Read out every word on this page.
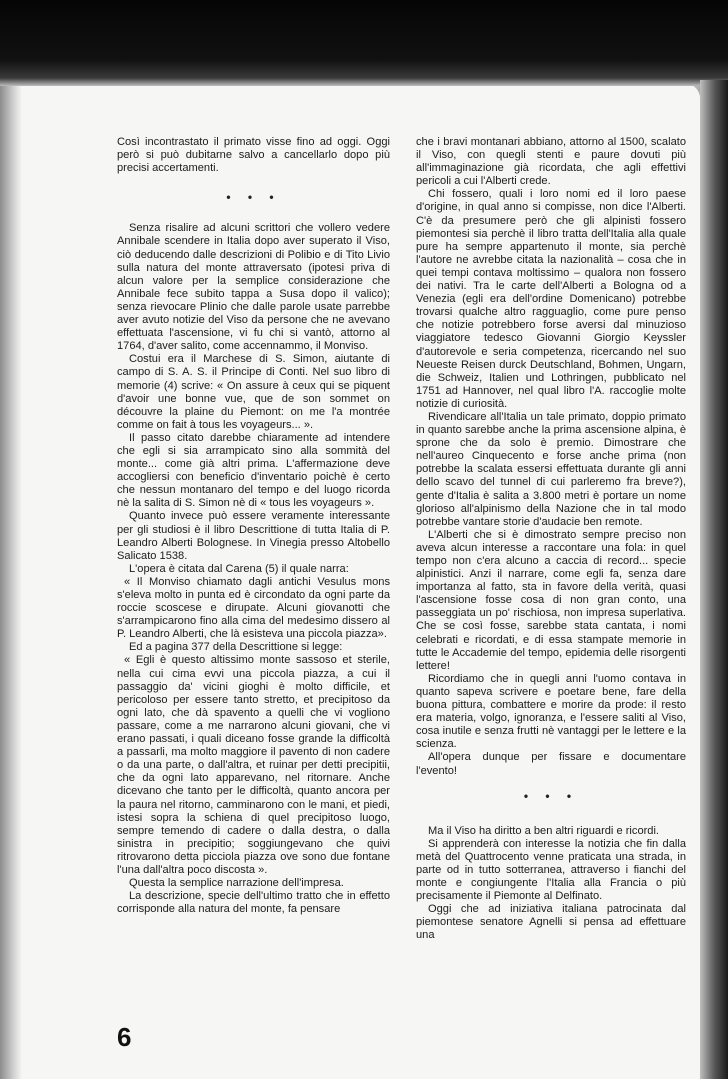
Così incontrastato il primato visse fino ad oggi. Oggi però si può dubitarne salvo a cancellarlo dopo più precisi accertamenti.

• • •

Senza risalire ad alcuni scrittori che vollero vedere Annibale scendere in Italia dopo aver superato il Viso, ciò deducendo dalle descrizioni di Polibio e di Tito Livio sulla natura del monte attraversato (ipotesi priva di alcun valore per la semplice considerazione che Annibale fece subito tappa a Susa dopo il valico); senza rievocare Plinio che dalle parole usate parrebbe aver avuto notizie del Viso da persone che ne avevano effettuata l'ascensione, vi fu chi si vantò, attorno al 1764, d'aver salito, come accennammo, il Monviso.

Costui era il Marchese di S. Simon, aiutante di campo di S. A. S. il Principe di Conti. Nel suo libro di memorie (4) scrive: « On assure à ceux qui se piquent d'avoir une bonne vue, que de son sommet on découvre la plaine du Piemont: on me l'a montrée comme on fait à tous les voyageurs... ».

Il passo citato darebbe chiaramente ad intendere che egli si sia arrampicato sino alla sommità del monte... come già altri prima. L'affermazione deve accogliersi con beneficio d'inventario poichè è certo che nessun montanaro del tempo e del luogo ricorda nè la salita di S. Simon nè di « tous les voyageurs ».

Quanto invece può essere veramente interessante per gli studiosi è il libro Descrittione di tutta Italia di P. Leandro Alberti Bolognese. In Vinegia presso Altobello Salicato 1538.

L'opera è citata dal Carena (5) il quale narra:

« Il Monviso chiamato dagli antichi Vesulus mons s'eleva molto in punta ed è circondato da ogni parte da roccie scoscese e dirupate. Alcuni giovanotti che s'arrampicarono fino alla cima del medesimo dissero al P. Leandro Alberti, che là esisteva una piccola piazza».

Ed a pagina 377 della Descrittione si legge:

« Egli è questo altissimo monte sassoso et sterile, nella cui cima evvi una piccola piazza, a cui il passaggio da' vicini gioghi è molto difficile, et pericoloso per essere tanto stretto, et precipitoso da ogni lato, che dà spavento a quelli che vi vogliono passare, come a me narrarono alcuni giovani, che vi erano passati, i quali diceano fosse grande la difficoltà a passarli, ma molto maggiore il pavento di non cadere o da una parte, o dall'altra, et ruinar per detti precipitii, che da ogni lato apparevano, nel ritornare. Anche dicevano che tanto per le difficoltà, quanto ancora per la paura nel ritorno, camminarono con le mani, et piedi, istesi sopra la schiena di quel precipitoso luogo, sempre temendo di cadere o dalla destra, o dalla sinistra in precipitio; soggiungevano che quivi ritrovarono detta picciola piazza ove sono due fontane l'una dall'altra poco discosta ».

Questa la semplice narrazione dell'impresa.

La descrizione, specie dell'ultimo tratto che in effetto corrisponde alla natura del monte, fa pensare

che i bravi montanari abbiano, attorno al 1500, scalato il Viso, con quegli stenti e paure dovuti più all'immaginazione già ricordata, che agli effettivi pericoli a cui l'Alberti crede.

Chi fossero, quali i loro nomi ed il loro paese d'origine, in qual anno si compisse, non dice l'Alberti. C'è da presumere però che gli alpinisti fossero piemontesi sia perchè il libro tratta dell'Italia alla quale pure ha sempre appartenuto il monte, sia perchè l'autore ne avrebbe citata la nazionalità – cosa che in quei tempi contava moltissimo – qualora non fossero dei nativi. Tra le carte dell'Alberti a Bologna od a Venezia (egli era dell'ordine Domenicano) potrebbe trovarsi qualche altro ragguaglio, come pure penso che notizie potrebbero forse aversi dal minuzioso viaggiatore tedesco Giovanni Giorgio Keyssler d'autorevole e seria competenza, ricercando nel suo Neueste Reisen durck Deutschland, Bohmen, Ungarn, die Schweiz, Italien und Lothringen, pubblicato nel 1751 ad Hannover, nel qual libro l'A. raccoglie molte notizie di curiosità.

Rivendicare all'Italia un tale primato, doppio primato in quanto sarebbe anche la prima ascensione alpina, è sprone che da solo è premio. Dimostrare che nell'aureo Cinquecento e forse anche prima (non potrebbe la scalata essersi effettuata durante gli anni dello scavo del tunnel di cui parleremo fra breve?), gente d'Italia è salita a 3.800 metri è portare un nome glorioso all'alpinismo della Nazione che in tal modo potrebbe vantare storie d'audacie ben remote.

L'Alberti che si è dimostrato sempre preciso non aveva alcun interesse a raccontare una fola: in quel tempo non c'era alcuno a caccia di record... specie alpinistici. Anzi il narrare, come egli fa, senza dare importanza al fatto, sta in favore della verità, quasi l'ascensione fosse cosa di non gran conto, una passeggiata un po' rischiosa, non impresa superlativa. Che se così fosse, sarebbe stata cantata, i nomi celebrati e ricordati, e di essa stampate memorie in tutte le Accademie del tempo, epidemia delle risorgenti lettere!

Ricordiamo che in quegli anni l'uomo contava in quanto sapeva scrivere e poetare bene, fare della buona pittura, combattere e morire da prode: il resto era materia, volgo, ignoranza, e l'essere saliti al Viso, cosa inutile e senza frutti nè vantaggi per le lettere e la scienza.

All'opera dunque per fissare e documentare l'evento!

• • •

Ma il Viso ha diritto a ben altri riguardi e ricordi.

Si apprenderà con interesse la notizia che fin dalla metà del Quattrocento venne praticata una strada, in parte od in tutto sotterranea, attraverso i fianchi del monte e congiungente l'Italia alla Francia o più precisamente il Piemonte al Delfinato.

Oggi che ad iniziativa italiana patrocinata dal piemontese senatore Agnelli si pensa ad effettuare una

6
